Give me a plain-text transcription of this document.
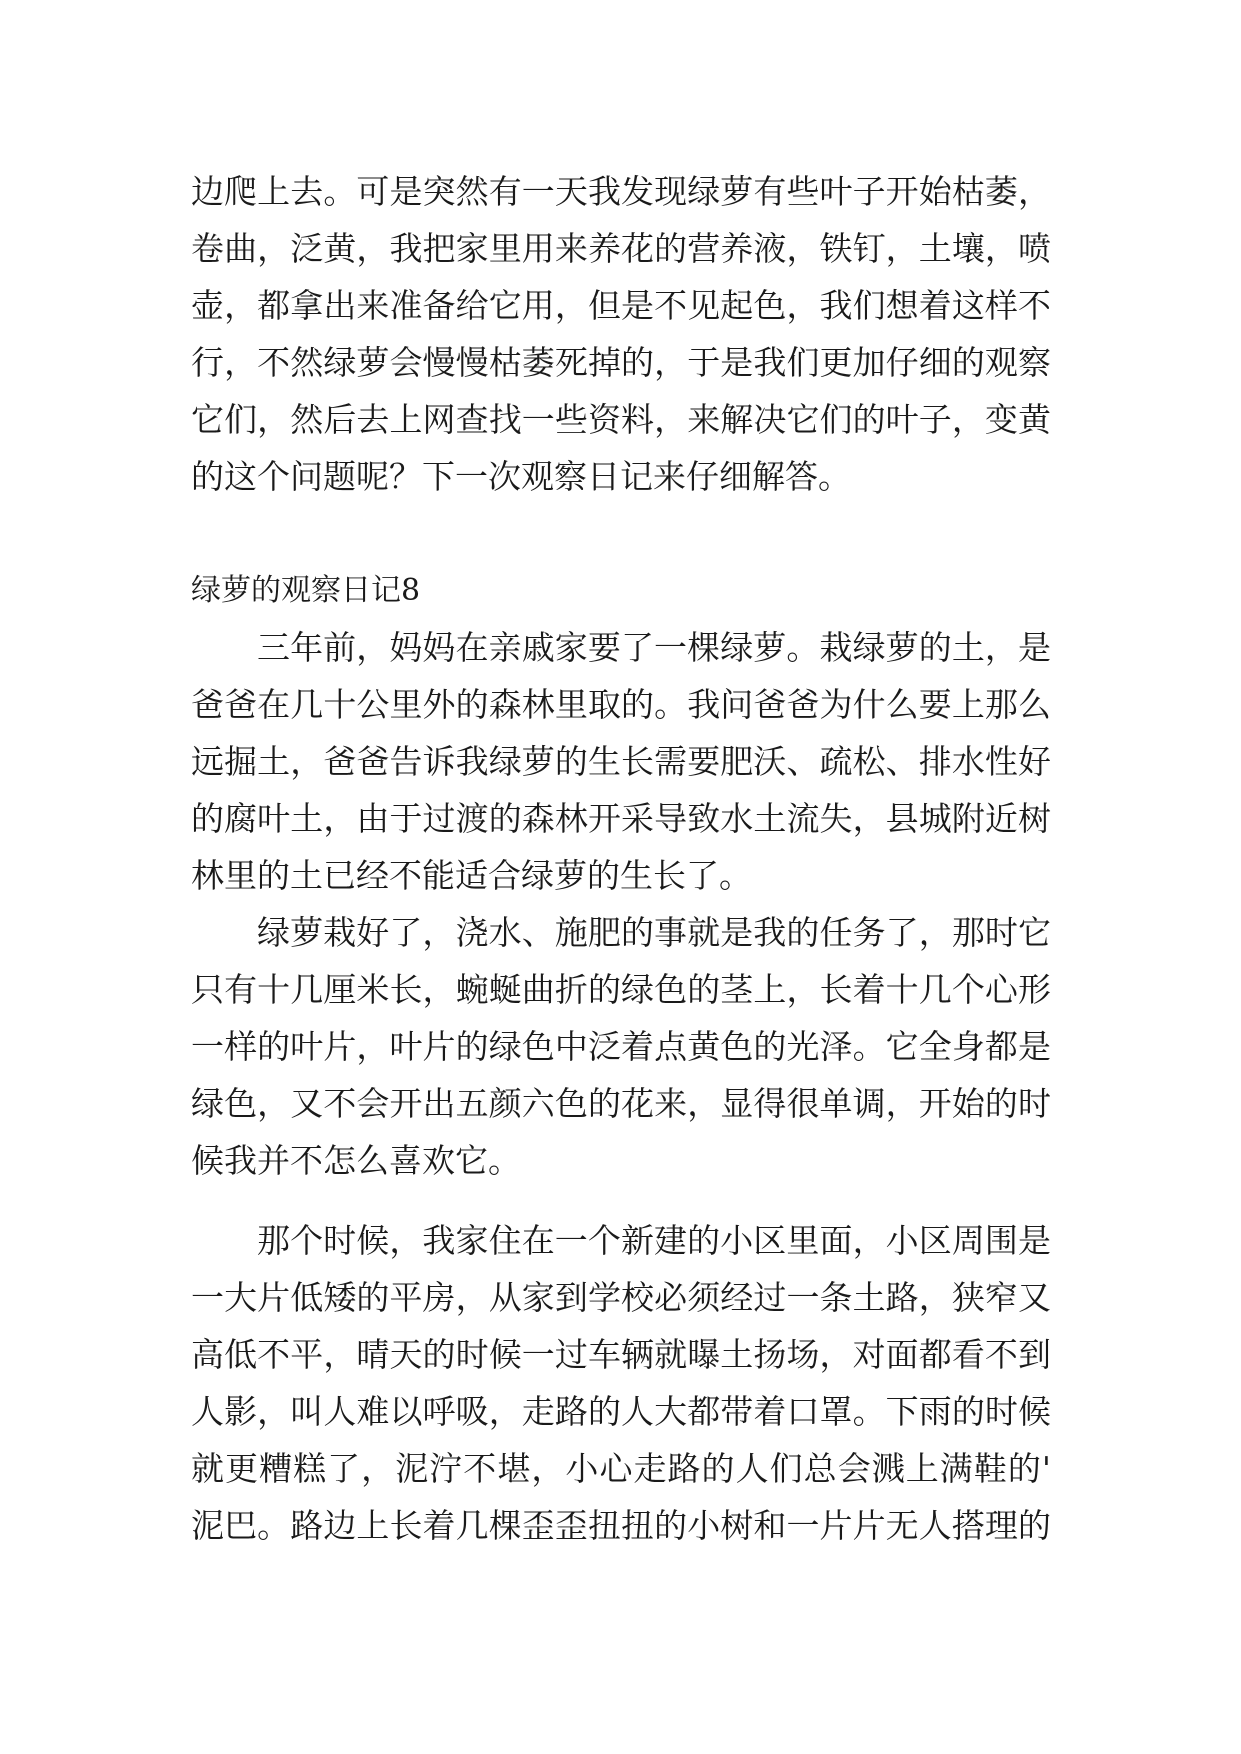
边爬上去。可是突然有一天我发现绿萝有些叶子开始枯萎，
卷曲，泛黄，我把家里用来养花的营养液，铁钉，土壤，喷
壶，都拿出来准备给它用，但是不见起色，我们想着这样不
行，不然绿萝会慢慢枯萎死掉的，于是我们更加仔细的观察
它们，然后去上网查找一些资料，来解决它们的叶子，变黄
的这个问题呢？下一次观察日记来仔细解答。
绿萝的观察日记8
三年前，妈妈在亲戚家要了一棵绿萝。栽绿萝的土，是
爸爸在几十公里外的森林里取的。我问爸爸为什么要上那么
远掘土，爸爸告诉我绿萝的生长需要肥沃、疏松、排水性好
的腐叶土，由于过渡的森林开采导致水土流失，县城附近树
林里的土已经不能适合绿萝的生长了。
绿萝栽好了，浇水、施肥的事就是我的任务了，那时它
只有十几厘米长，蜿蜒曲折的绿色的茎上，长着十几个心形
一样的叶片，叶片的绿色中泛着点黄色的光泽。它全身都是
绿色，又不会开出五颜六色的花来，显得很单调，开始的时
候我并不怎么喜欢它。
那个时候，我家住在一个新建的小区里面，小区周围是
一大片低矮的平房，从家到学校必须经过一条土路，狭窄又
高低不平，晴天的时候一过车辆就曝土扬场，对面都看不到
人影，叫人难以呼吸，走路的人大都带着口罩。下雨的时候
就更糟糕了，泥泞不堪，小心走路的人们总会溅上满鞋的'
泥巴。路边上长着几棵歪歪扭扭的小树和一片片无人搭理的
